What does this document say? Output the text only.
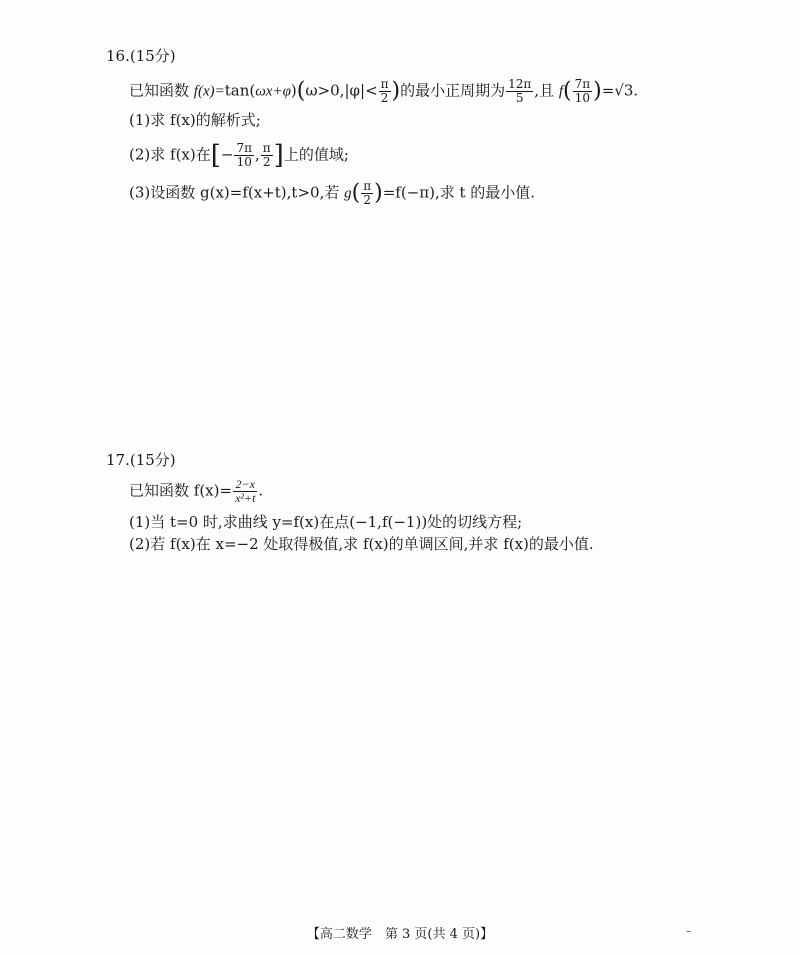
16.(15分)
已知函数 $f(x)=\tan(\omega x+\varphi)(\omega>0,|\varphi|< \frac{\pi}{2}$ )的最小正周期为 $\frac{12\pi}{5}$ ,且 $f( \frac{7\pi}{10} )=√3$.
(1)求 f(x)的解析式;
(2)求 f(x)在[− $\frac{7\pi}{10}$ , $\frac{\pi}{2}$ ]上的值域;
(3)设函数 g(x)=f(x+t),t>0,若 $g( \frac{\pi}{2} )=f(-\pi)$,求 t 的最小值.
17.(15分)
已知函数 $f(x)= \frac{2-x}{\text{x²+t}}$ .
(1)当 t=0 时,求曲线 y=f(x)在点(−1,f(−1))处的切线方程;
(2)若 f(x)在 x=−2 处取得极值,求 f(x)的单调区间,并求 f(x)的最小值.
【高二数学　第 3 页(共 4 页)】	–
